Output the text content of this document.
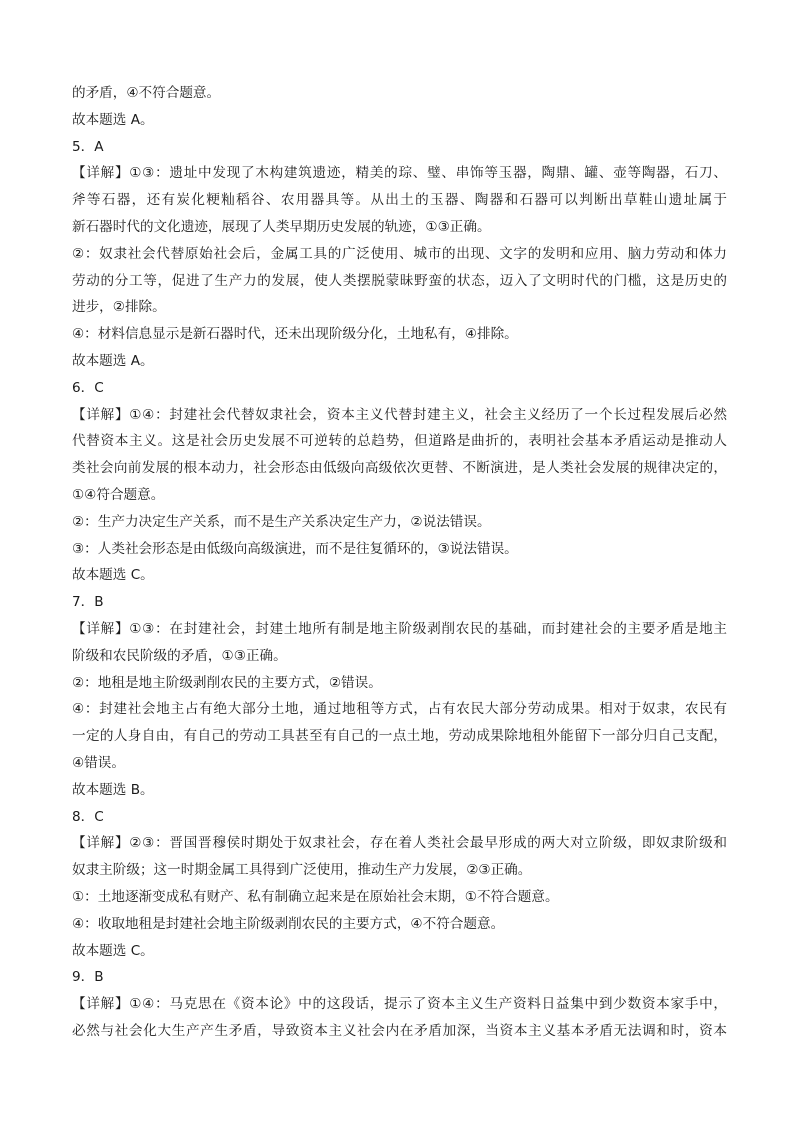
的矛盾，④不符合题意。
故本题选 A。
5．A
【详解】①③：遗址中发现了木构建筑遗迹，精美的琮、璧、串饰等玉器，陶鼎、罐、壶等陶器，石刀、
斧等石器，还有炭化粳籼稻谷、农用器具等。从出土的玉器、陶器和石器可以判断出草鞋山遗址属于
新石器时代的文化遗迹，展现了人类早期历史发展的轨迹，①③正确。
②：奴隶社会代替原始社会后，金属工具的广泛使用、城市的出现、文字的发明和应用、脑力劳动和体力
劳动的分工等，促进了生产力的发展，使人类摆脱蒙昧野蛮的状态，迈入了文明时代的门槛，这是历史的
进步，②排除。
④：材料信息显示是新石器时代，还未出现阶级分化，土地私有，④排除。
故本题选 A。
6．C
【详解】①④：封建社会代替奴隶社会，资本主义代替封建主义，社会主义经历了一个长过程发展后必然
代替资本主义。这是社会历史发展不可逆转的总趋势，但道路是曲折的，表明社会基本矛盾运动是推动人
类社会向前发展的根本动力，社会形态由低级向高级依次更替、不断演进，是人类社会发展的规律决定的，
①④符合题意。
②：生产力决定生产关系，而不是生产关系决定生产力，②说法错误。
③：人类社会形态是由低级向高级演进，而不是往复循环的，③说法错误。
故本题选 C。
7．B
【详解】①③：在封建社会，封建土地所有制是地主阶级剥削农民的基础，而封建社会的主要矛盾是地主
阶级和农民阶级的矛盾，①③正确。
②：地租是地主阶级剥削农民的主要方式，②错误。
④：封建社会地主占有绝大部分土地，通过地租等方式，占有农民大部分劳动成果。相对于奴隶，农民有
一定的人身自由，有自己的劳动工具甚至有自己的一点土地，劳动成果除地租外能留下一部分归自己支配，
④错误。
故本题选 B。
8．C
【详解】②③：晋国晋穆侯时期处于奴隶社会，存在着人类社会最早形成的两大对立阶级，即奴隶阶级和
奴隶主阶级；这一时期金属工具得到广泛使用，推动生产力发展，②③正确。
①：土地逐渐变成私有财产、私有制确立起来是在原始社会末期，①不符合题意。
④：收取地租是封建社会地主阶级剥削农民的主要方式，④不符合题意。
故本题选 C。
9．B
【详解】①④：马克思在《资本论》中的这段话，提示了资本主义生产资料日益集中到少数资本家手中，
必然与社会化大生产产生矛盾，导致资本主义社会内在矛盾加深，当资本主义基本矛盾无法调和时，资本
